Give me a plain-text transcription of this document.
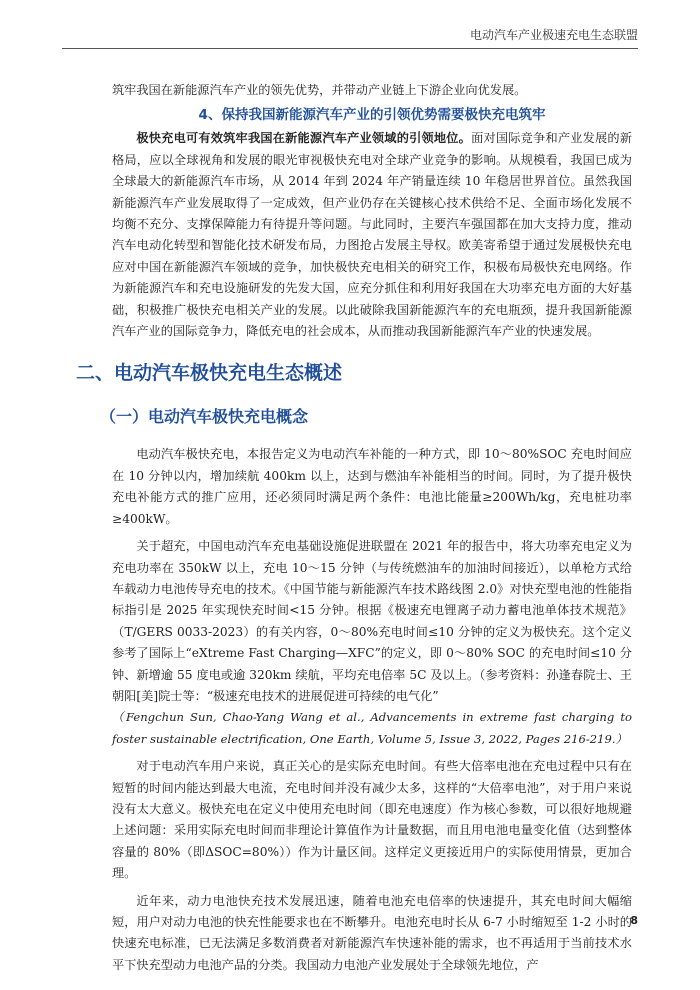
电动汽车产业极速充电生态联盟

筑牢我国在新能源汽车产业的领先优势，并带动产业链上下游企业向优发展。

4、保持我国新能源汽车产业的引领优势需要极快充电筑牢

极快充电可有效筑牢我国在新能源汽车产业领域的引领地位。面对国际竞争和产业发展的新格局，应以全球视角和发展的眼光审视极快充电对全球产业竞争的影响。从规模看，我国已成为全球最大的新能源汽车市场，从 2014 年到 2024 年产销量连续 10 年稳居世界首位。虽然我国新能源汽车产业发展取得了一定成效，但产业仍存在关键核心技术供给不足、全面市场化发展不均衡不充分、支撑保障能力有待提升等问题。与此同时，主要汽车强国都在加大支持力度，推动汽车电动化转型和智能化技术研发布局，力图抢占发展主导权。欧美寄希望于通过发展极快充电应对中国在新能源汽车领域的竞争，加快极快充电相关的研究工作，积极布局极快充电网络。作为新能源汽车和充电设施研发的先发大国，应充分抓住和利用好我国在大功率充电方面的大好基础，积极推广极快充电相关产业的发展。以此破除我国新能源汽车的充电瓶颈，提升我国新能源汽车产业的国际竞争力，降低充电的社会成本，从而推动我国新能源汽车产业的快速发展。

二、电动汽车极快充电生态概述
（一）电动汽车极快充电概念

电动汽车极快充电，本报告定义为电动汽车补能的一种方式，即 10～80%SOC 充电时间应在 10 分钟以内，增加续航 400km 以上，达到与燃油车补能相当的时间。同时，为了提升极快充电补能方式的推广应用，还必须同时满足两个条件：电池比能量≥200Wh/kg，充电桩功率≥400kW。

关于超充，中国电动汽车充电基础设施促进联盟在 2021 年的报告中，将大功率充电定义为充电功率在 350kW 以上，充电 10～15 分钟（与传统燃油车的加油时间接近），以单枪方式给车载动力电池传导充电的技术。《中国节能与新能源汽车技术路线图 2.0》对快充型电池的性能指标指引是 2025 年实现快充时间<15 分钟。根据《极速充电锂离子动力蓄电池单体技术规范》（T/GERS 0033-2023）的有关内容，0～80%充电时间≤10 分钟的定义为极快充。这个定义参考了国际上“eXtreme Fast Charging—XFC”的定义，即 0～80% SOC 的充电时间≤10 分钟、新增逾 55 度电或逾 320km 续航，平均充电倍率 5C 及以上。（参考资料：孙逢春院士、王朝阳[美]院士等：“极速充电技术的进展促进可持续的电气化”

（Fengchun Sun, Chao-Yang Wang et al., Advancements in extreme fast charging to foster sustainable electrification, One Earth, Volume 5, Issue 3, 2022, Pages 216-219.）

对于电动汽车用户来说，真正关心的是实际充电时间。有些大倍率电池在充电过程中只有在短暂的时间内能达到最大电流，充电时间并没有减少太多，这样的“大倍率电池”，对于用户来说没有太大意义。极快充电在定义中使用充电时间（即充电速度）作为核心参数，可以很好地规避上述问题：采用实际充电时间而非理论计算值作为计量数据，而且用电池电量变化值（达到整体容量的 80%（即ΔSOC=80%））作为计量区间。这样定义更接近用户的实际使用情景，更加合理。

近年来，动力电池快充技术发展迅速，随着电池充电倍率的快速提升，其充电时间大幅缩短，用户对动力电池的快充性能要求也在不断攀升。电池充电时长从 6-7 小时缩短至 1-2 小时的快速充电标准，已无法满足多数消费者对新能源汽车快速补能的需求，也不再适用于当前技术水平下快充型动力电池产品的分类。我国动力电池产业发展处于全球领先地位，产

8
